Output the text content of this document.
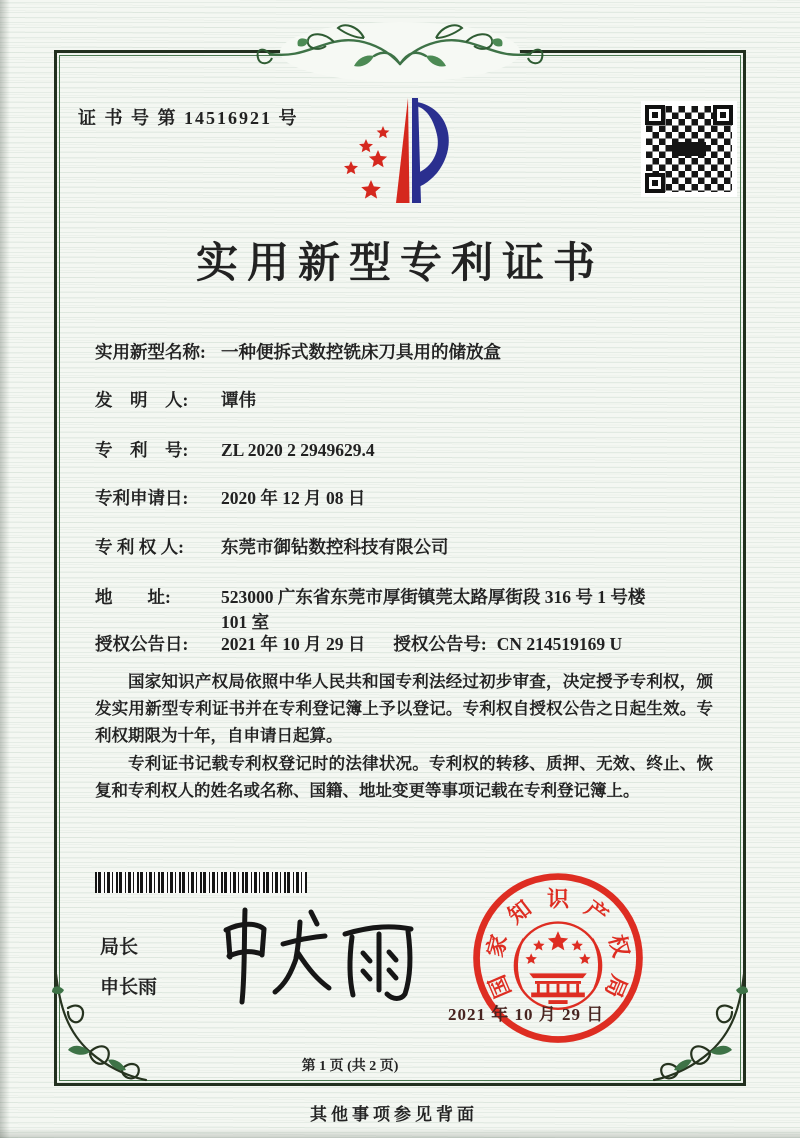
证 书 号 第 14516921 号
实用新型专利证书
实用新型名称: 一种便拆式数控铣床刀具用的储放盒
发　明　人:	谭伟
专　利　号:	ZL 2020 2 2949629.4
专利申请日:	2020 年 12 月 08 日
专 利 权 人:	东莞市御钻数控科技有限公司
地　　址:	523000 广东省东莞市厚街镇莞太路厚街段 316 号 1 号楼 101 室
授权公告日:	2021 年 10 月 29 日	授权公告号: CN 214519169 U

国家知识产权局依照中华人民共和国专利法经过初步审查，决定授予专利权，颁发实用新型专利证书并在专利登记簿上予以登记。专利权自授权公告之日起生效。专利权期限为十年，自申请日起算。

专利证书记载专利权登记时的法律状况。专利权的转移、质押、无效、终止、恢复和专利权人的姓名或名称、国籍、地址变更等事项记载在专利登记簿上。

局长
申长雨	国
家
知 识 产
权
局
2021 年 10 月 29 日
第 1 页 (共 2 页)
其他事项参见背面
